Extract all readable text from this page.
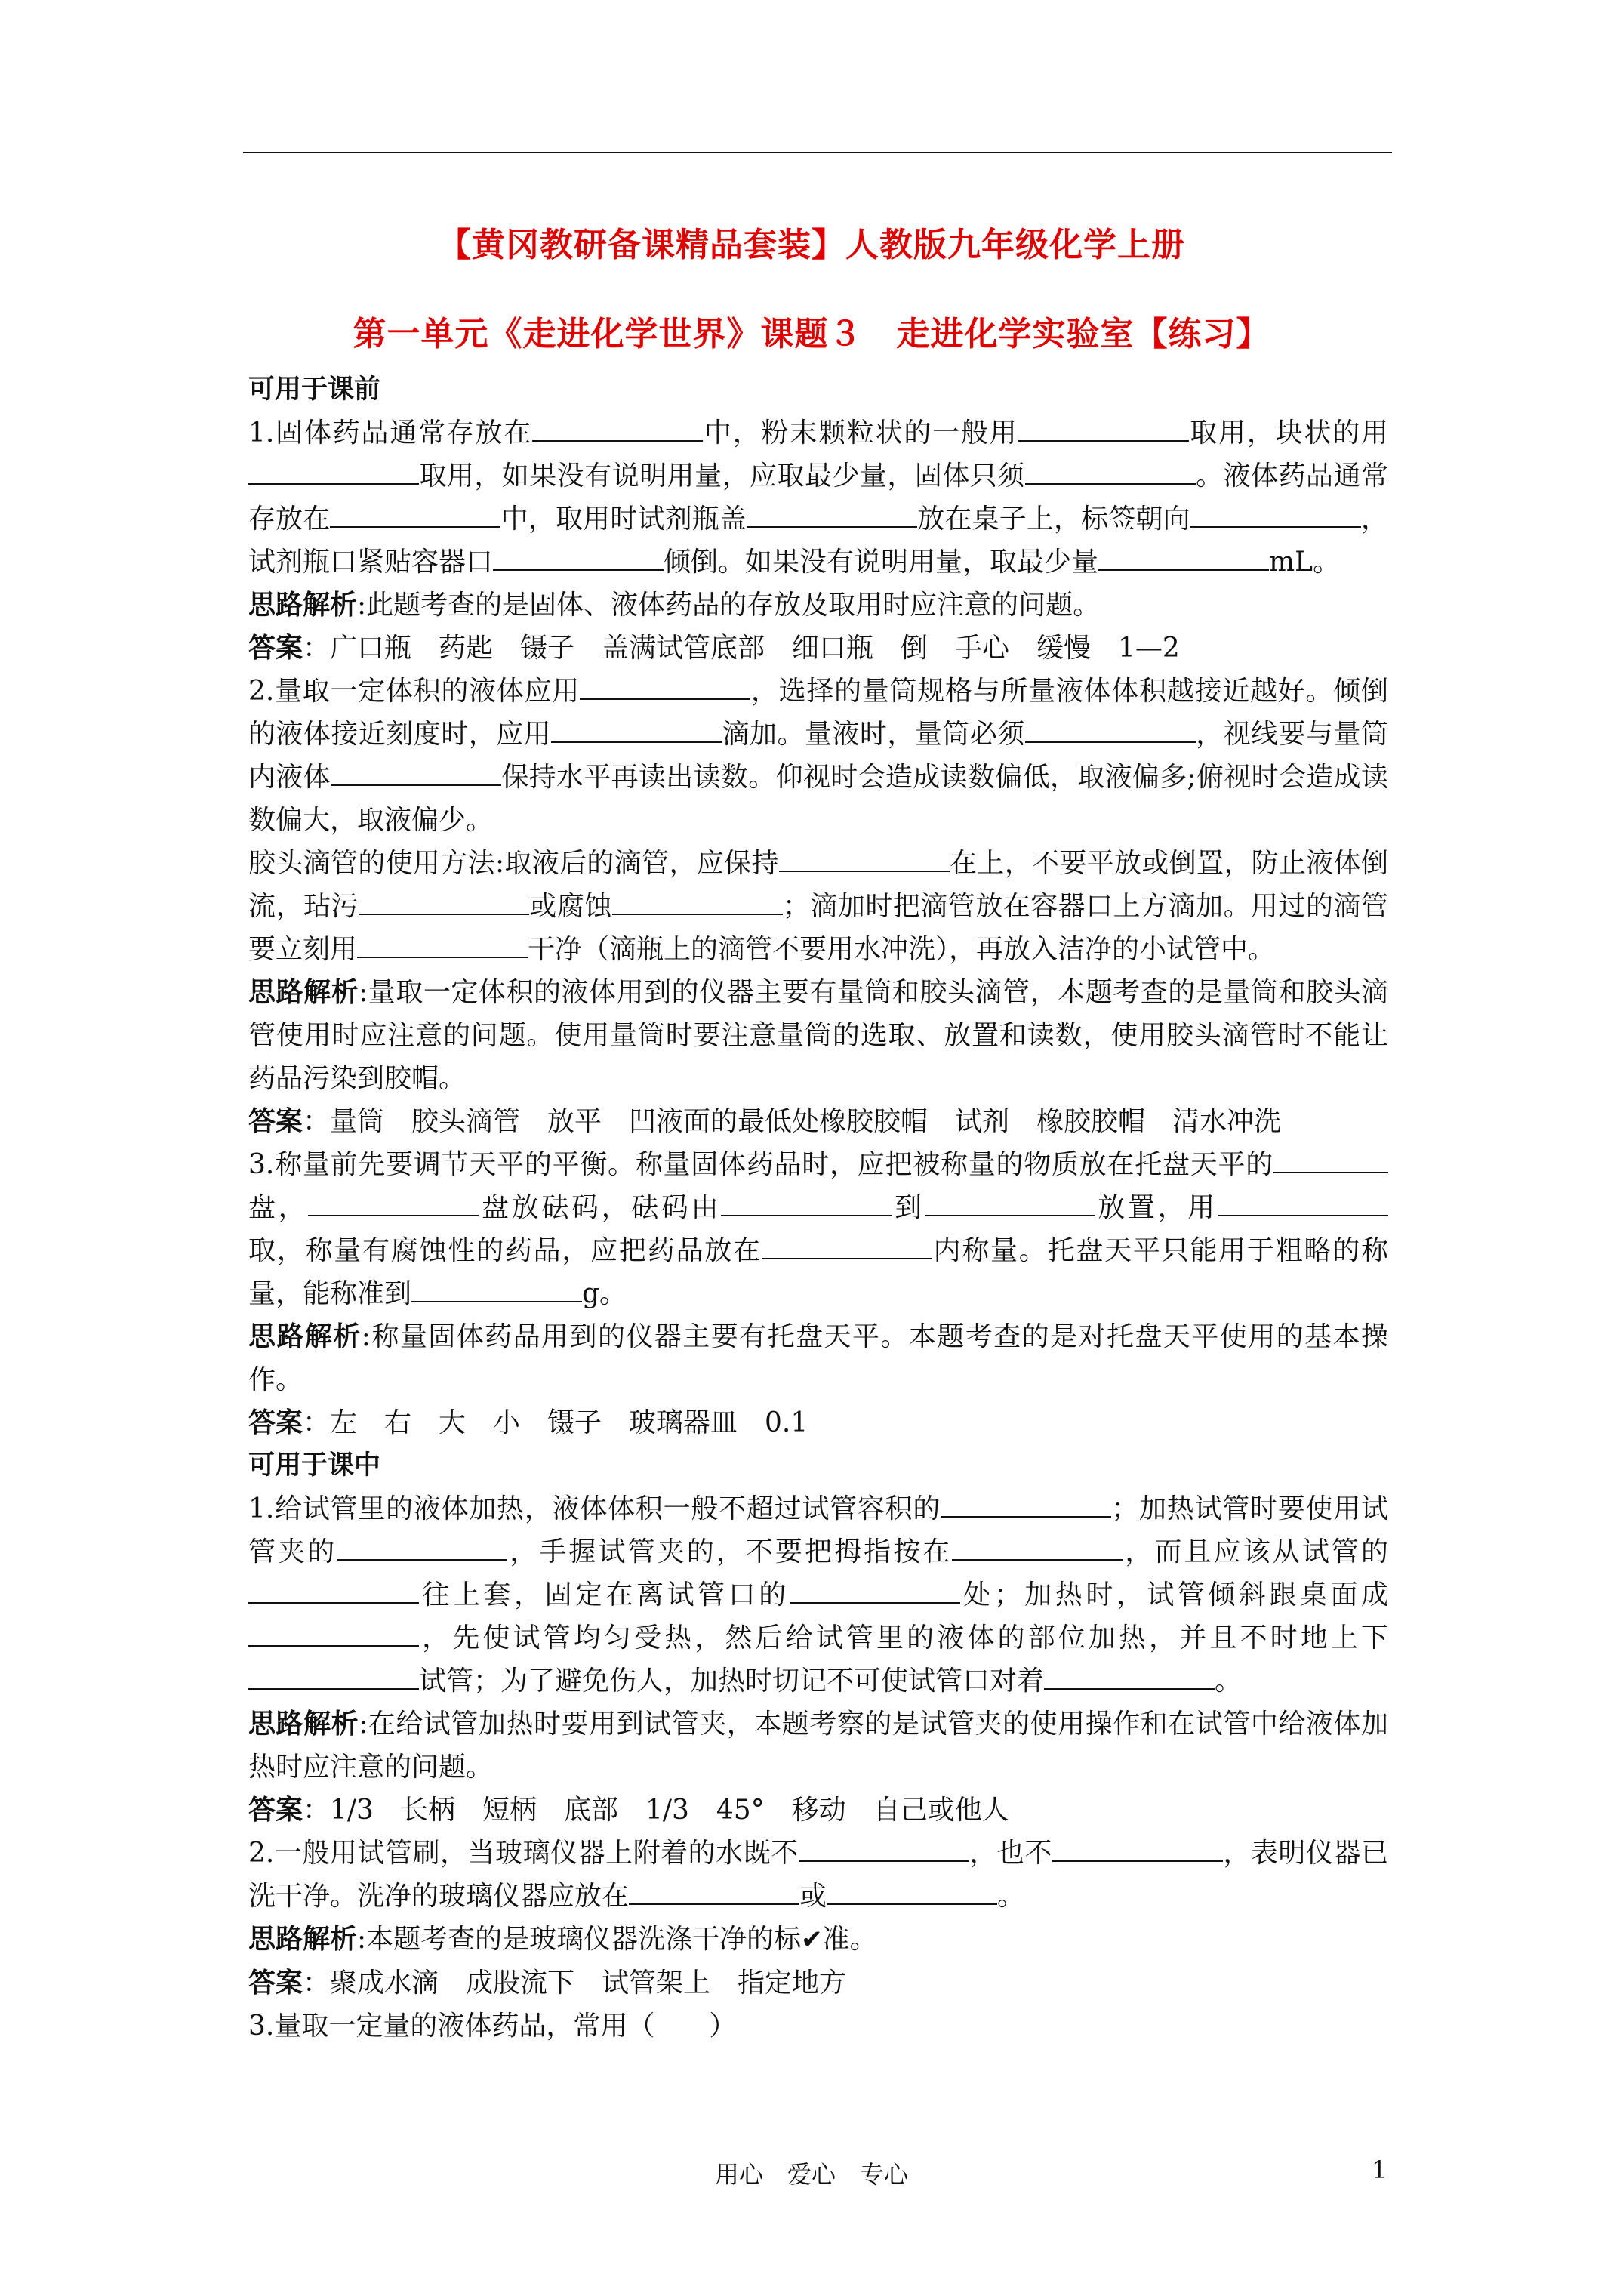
【黄冈教研备课精品套装】人教版九年级化学上册
第一单元《走进化学世界》课题３　走进化学实验室【练习】

可用于课前

1.固体药品通常存放在	中，粉末颗粒状的一般用	取用，块状的用取用，如果没有说明用量，应取最少量，固体只须	。液体药品通常存放在	中，取用时试剂瓶盖	放在桌子上，标签朝向	，试剂瓶口紧贴容器口	倾倒。如果没有说明用量，取最少量	mL。

思路解析:此题考查的是固体、液体药品的存放及取用时应注意的问题。

答案：广口瓶　药匙　镊子　盖满试管底部　细口瓶　倒　手心　缓慢　1—2

2.量取一定体积的液体应用	，选择的量筒规格与所量液体体积越接近越好。倾倒的液体接近刻度时，应用	滴加。量液时，量筒必须	，视线要与量筒内液体	保持水平再读出读数。仰视时会造成读数偏低，取液偏多;俯视时会造成读数偏大，取液偏少。

胶头滴管的使用方法:取液后的滴管，应保持	在上，不要平放或倒置，防止液体倒流，玷污	或腐蚀	；滴加时把滴管放在容器口上方滴加。用过的滴管要立刻用	干净（滴瓶上的滴管不要用水冲洗），再放入洁净的小试管中。

思路解析:量取一定体积的液体用到的仪器主要有量筒和胶头滴管，本题考查的是量筒和胶头滴管使用时应注意的问题。使用量筒时要注意量筒的选取、放置和读数，使用胶头滴管时不能让药品污染到胶帽。

答案：量筒　胶头滴管　放平　凹液面的最低处橡胶胶帽　试剂　橡胶胶帽　清水冲洗

3.称量前先要调节天平的平衡。称量固体药品时，应把被称量的物质放在托盘天平的盘，	盘放砝码，砝码由	到	放置，用取，称量有腐蚀性的药品，应把药品放在	内称量。托盘天平只能用于粗略的称量，能称准到	g。

思路解析:称量固体药品用到的仪器主要有托盘天平。本题考查的是对托盘天平使用的基本操作。

答案：左　右　大　小　镊子　玻璃器皿　0.1

可用于课中

1.给试管里的液体加热，液体体积一般不超过试管容积的	；加热试管时要使用试管夹的	，手握试管夹的，不要把拇指按在	，而且应该从试管的往上套，固定在离试管口的	处；加热时，试管倾斜跟桌面成，先使试管均匀受热，然后给试管里的液体的部位加热，并且不时地上下试管；为了避免伤人，加热时切记不可使试管口对着	。

思路解析:在给试管加热时要用到试管夹，本题考察的是试管夹的使用操作和在试管中给液体加热时应注意的问题。

答案：1/3　长柄　短柄　底部　1/3　45°　移动　自己或他人

2.一般用试管刷，当玻璃仪器上附着的水既不	，也不	，表明仪器已洗干净。洗净的玻璃仪器应放在	或	。

思路解析:本题考查的是玻璃仪器洗涤干净的标✔准。

答案：聚成水滴　成股流下　试管架上　指定地方

3.量取一定量的液体药品，常用（　　）

用心　爱心　专心	1
